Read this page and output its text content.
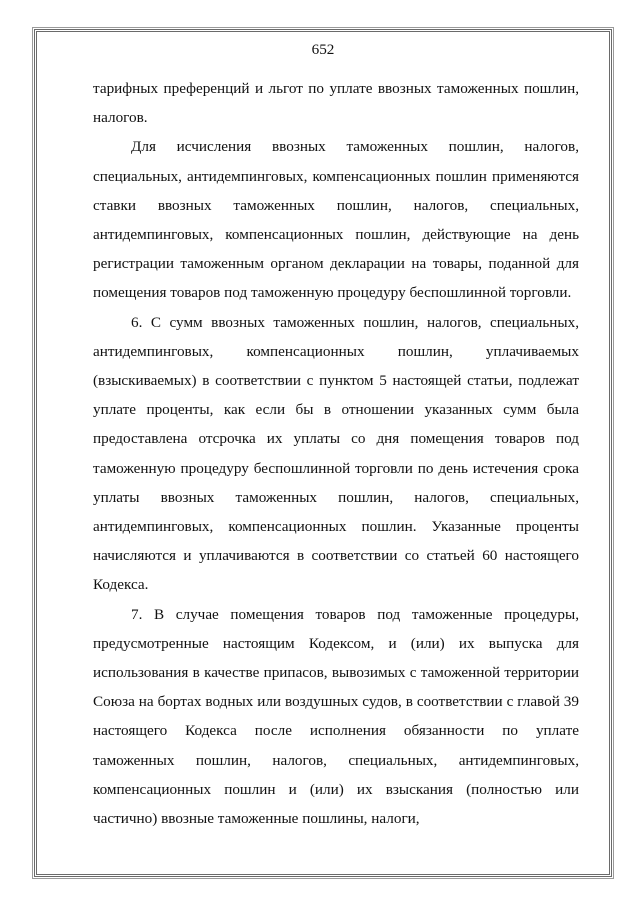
652

тарифных преференций и льгот по уплате ввозных таможенных пошлин, налогов.

Для исчисления ввозных таможенных пошлин, налогов, специальных, антидемпинговых, компенсационных пошлин применяются ставки ввозных таможенных пошлин, налогов, специальных, антидемпинговых, компенсационных пошлин, действующие на день регистрации таможенным органом декларации на товары, поданной для помещения товаров под таможенную процедуру беспошлинной торговли.

6. С сумм ввозных таможенных пошлин, налогов, специальных, антидемпинговых, компенсационных пошлин, уплачиваемых (взыскиваемых) в соответствии с пунктом 5 настоящей статьи, подлежат уплате проценты, как если бы в отношении указанных сумм была предоставлена отсрочка их уплаты со дня помещения товаров под таможенную процедуру беспошлинной торговли по день истечения срока уплаты ввозных таможенных пошлин, налогов, специальных, антидемпинговых, компенсационных пошлин. Указанные проценты начисляются и уплачиваются в соответствии со статьей 60 настоящего Кодекса.

7. В случае помещения товаров под таможенные процедуры, предусмотренные настоящим Кодексом, и (или) их выпуска для использования в качестве припасов, вывозимых с таможенной территории Союза на бортах водных или воздушных судов, в соответствии с главой 39 настоящего Кодекса после исполнения обязанности по уплате таможенных пошлин, налогов, специальных, антидемпинговых, компенсационных пошлин и (или) их взыскания (полностью или частично) ввозные таможенные пошлины, налоги,
